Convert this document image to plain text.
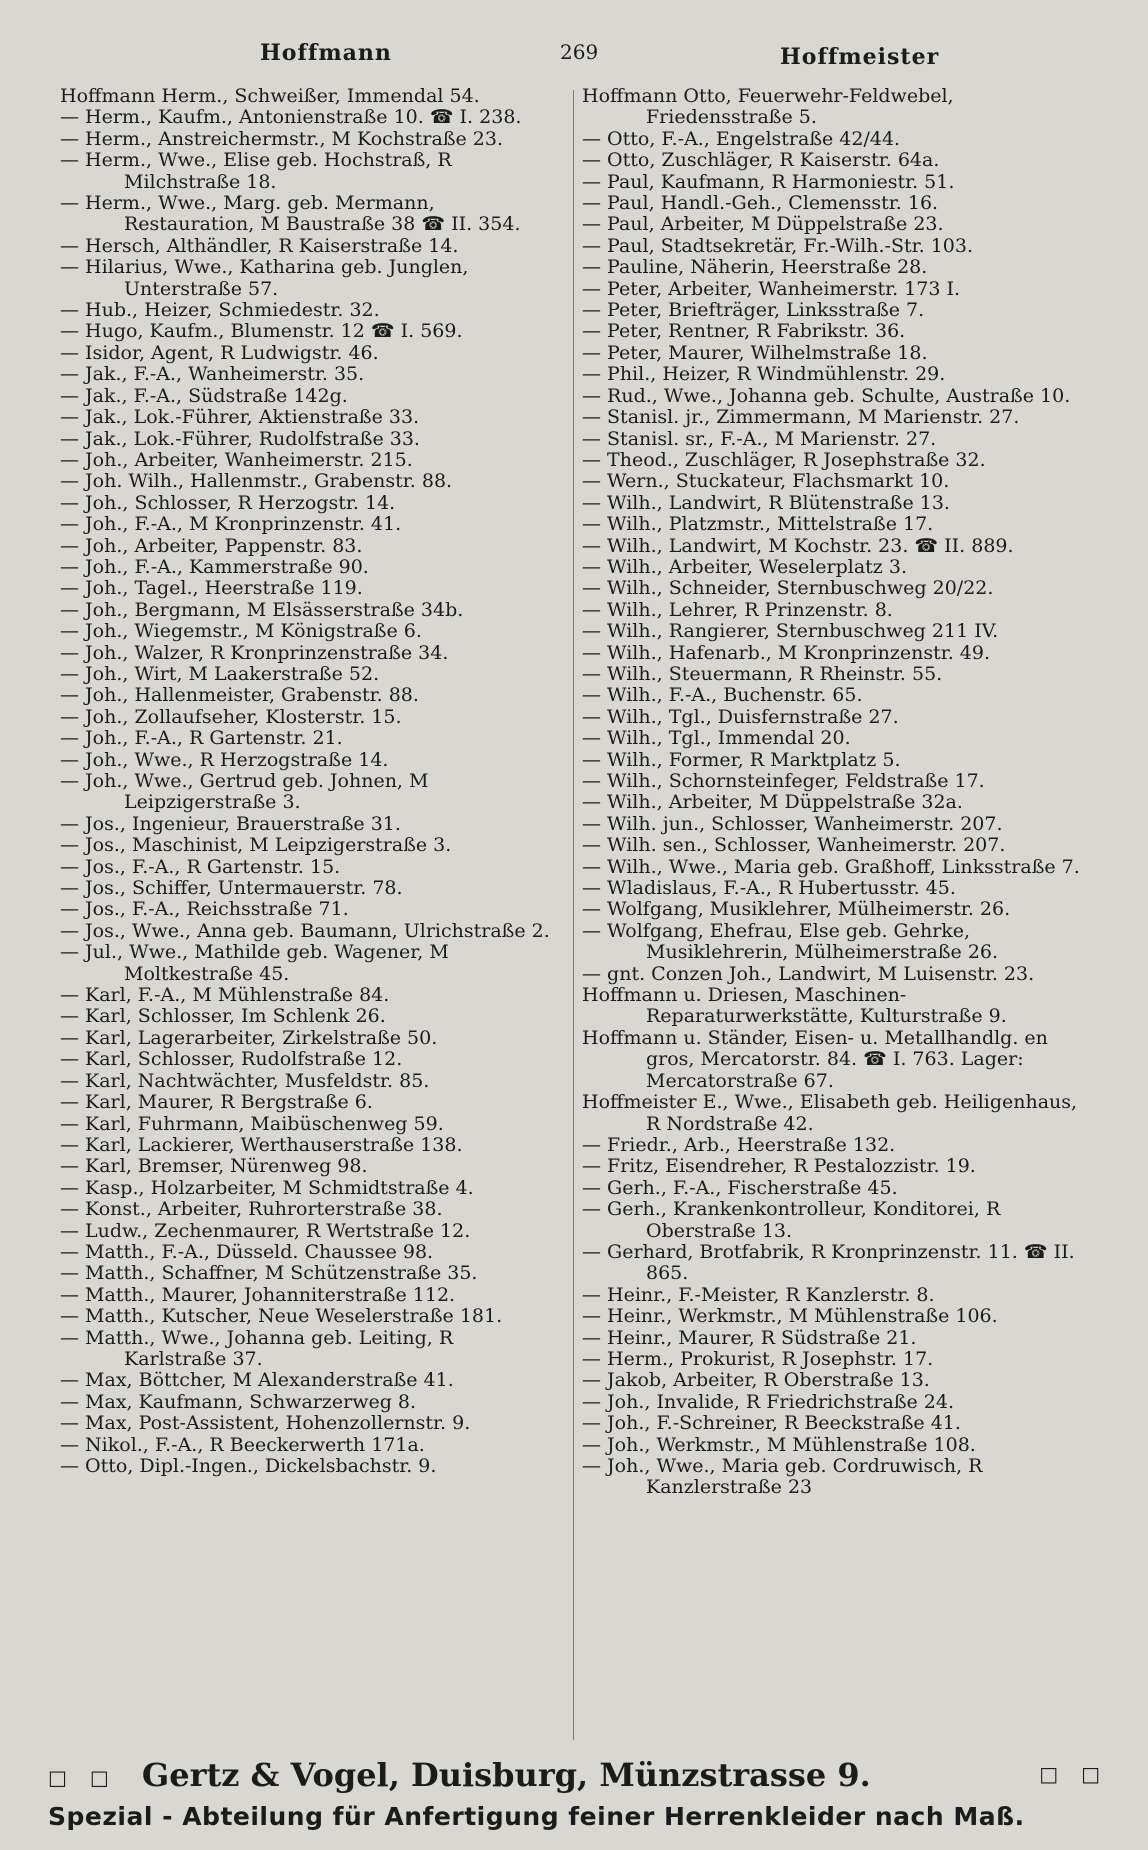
Hoffmann	269	Hoffmeister

Hoffmann Herm., Schweißer, Immendal 54.

— Herm., Kaufm., Antonienstraße 10. ☎ I. 238.

— Herm., Anstreichermstr., M Kochstraße 23.

— Herm., Wwe., Elise geb. Hochstraß, R Milchstraße 18.

— Herm., Wwe., Marg. geb. Mermann, Restauration, M Baustraße 38 ☎ II. 354.

— Hersch, Althändler, R Kaiserstraße 14.

— Hilarius, Wwe., Katharina geb. Junglen, Unterstraße 57.

— Hub., Heizer, Schmiedestr. 32.

— Hugo, Kaufm., Blumenstr. 12 ☎ I. 569.

— Isidor, Agent, R Ludwigstr. 46.

— Jak., F.-A., Wanheimerstr. 35.

— Jak., F.-A., Südstraße 142g.

— Jak., Lok.-Führer, Aktienstraße 33.

— Jak., Lok.-Führer, Rudolfstraße 33.

— Joh., Arbeiter, Wanheimerstr. 215.

— Joh. Wilh., Hallenmstr., Grabenstr. 88.

— Joh., Schlosser, R Herzogstr. 14.

— Joh., F.-A., M Kronprinzenstr. 41.

— Joh., Arbeiter, Pappenstr. 83.

— Joh., F.-A., Kammerstraße 90.

— Joh., Tagel., Heerstraße 119.

— Joh., Bergmann, M Elsässerstraße 34b.

— Joh., Wiegemstr., M Königstraße 6.

— Joh., Walzer, R Kronprinzenstraße 34.

— Joh., Wirt, M Laakerstraße 52.

— Joh., Hallenmeister, Grabenstr. 88.

— Joh., Zollaufseher, Klosterstr. 15.

— Joh., F.-A., R Gartenstr. 21.

— Joh., Wwe., R Herzogstraße 14.

— Joh., Wwe., Gertrud geb. Johnen, M Leipzigerstraße 3.

— Jos., Ingenieur, Brauerstraße 31.

— Jos., Maschinist, M Leipzigerstraße 3.

— Jos., F.-A., R Gartenstr. 15.

— Jos., Schiffer, Untermauerstr. 78.

— Jos., F.-A., Reichsstraße 71.

— Jos., Wwe., Anna geb. Baumann, Ulrichstraße 2.

— Jul., Wwe., Mathilde geb. Wagener, M Moltkestraße 45.

— Karl, F.-A., M Mühlenstraße 84.

— Karl, Schlosser, Im Schlenk 26.

— Karl, Lagerarbeiter, Zirkelstraße 50.

— Karl, Schlosser, Rudolfstraße 12.

— Karl, Nachtwächter, Musfeldstr. 85.

— Karl, Maurer, R Bergstraße 6.

— Karl, Fuhrmann, Maibüschenweg 59.

— Karl, Lackierer, Werthauserstraße 138.

— Karl, Bremser, Nürenweg 98.

— Kasp., Holzarbeiter, M Schmidtstraße 4.

— Konst., Arbeiter, Ruhrorterstraße 38.

— Ludw., Zechenmaurer, R Wertstraße 12.

— Matth., F.-A., Düsseld. Chaussee 98.

— Matth., Schaffner, M Schützenstraße 35.

— Matth., Maurer, Johanniterstraße 112.

— Matth., Kutscher, Neue Weselerstraße 181.

— Matth., Wwe., Johanna geb. Leiting, R Karlstraße 37.

— Max, Böttcher, M Alexanderstraße 41.

— Max, Kaufmann, Schwarzerweg 8.

— Max, Post-Assistent, Hohenzollernstr. 9.

— Nikol., F.-A., R Beeckerwerth 171a.

— Otto, Dipl.-Ingen., Dickelsbachstr. 9.

Hoffmann Otto, Feuerwehr-Feldwebel, Friedensstraße 5.

— Otto, F.-A., Engelstraße 42/44.

— Otto, Zuschläger, R Kaiserstr. 64a.

— Paul, Kaufmann, R Harmoniestr. 51.

— Paul, Handl.-Geh., Clemensstr. 16.

— Paul, Arbeiter, M Düppelstraße 23.

— Paul, Stadtsekretär, Fr.-Wilh.-Str. 103.

— Pauline, Näherin, Heerstraße 28.

— Peter, Arbeiter, Wanheimerstr. 173 I.

— Peter, Briefträger, Linksstraße 7.

— Peter, Rentner, R Fabrikstr. 36.

— Peter, Maurer, Wilhelmstraße 18.

— Phil., Heizer, R Windmühlenstr. 29.

— Rud., Wwe., Johanna geb. Schulte, Austraße 10.

— Stanisl. jr., Zimmermann, M Marienstr. 27.

— Stanisl. sr., F.-A., M Marienstr. 27.

— Theod., Zuschläger, R Josephstraße 32.

— Wern., Stuckateur, Flachsmarkt 10.

— Wilh., Landwirt, R Blütenstraße 13.

— Wilh., Platzmstr., Mittelstraße 17.

— Wilh., Landwirt, M Kochstr. 23. ☎ II. 889.

— Wilh., Arbeiter, Weselerplatz 3.

— Wilh., Schneider, Sternbuschweg 20/22.

— Wilh., Lehrer, R Prinzenstr. 8.

— Wilh., Rangierer, Sternbuschweg 211 IV.

— Wilh., Hafenarb., M Kronprinzenstr. 49.

— Wilh., Steuermann, R Rheinstr. 55.

— Wilh., F.-A., Buchenstr. 65.

— Wilh., Tgl., Duisfernstraße 27.

— Wilh., Tgl., Immendal 20.

— Wilh., Former, R Marktplatz 5.

— Wilh., Schornsteinfeger, Feldstraße 17.

— Wilh., Arbeiter, M Düppelstraße 32a.

— Wilh. jun., Schlosser, Wanheimerstr. 207.

— Wilh. sen., Schlosser, Wanheimerstr. 207.

— Wilh., Wwe., Maria geb. Graßhoff, Linksstraße 7.

— Wladislaus, F.-A., R Hubertusstr. 45.

— Wolfgang, Musiklehrer, Mülheimerstr. 26.

— Wolfgang, Ehefrau, Else geb. Gehrke, Musiklehrerin, Mülheimerstraße 26.

— gnt. Conzen Joh., Landwirt, M Luisenstr. 23.

Hoffmann u. Driesen, Maschinen-Reparaturwerkstätte, Kulturstraße 9.

Hoffmann u. Ständer, Eisen- u. Metallhandlg. en gros, Mercatorstr. 84. ☎ I. 763. Lager: Mercatorstraße 67.

Hoffmeister E., Wwe., Elisabeth geb. Heiligenhaus, R Nordstraße 42.

— Friedr., Arb., Heerstraße 132.

— Fritz, Eisendreher, R Pestalozzistr. 19.

— Gerh., F.-A., Fischerstraße 45.

— Gerh., Krankenkontrolleur, Konditorei, R Oberstraße 13.

— Gerhard, Brotfabrik, R Kronprinzenstr. 11. ☎ II. 865.

— Heinr., F.-Meister, R Kanzlerstr. 8.

— Heinr., Werkmstr., M Mühlenstraße 106.

— Heinr., Maurer, R Südstraße 21.

— Herm., Prokurist, R Josephstr. 17.

— Jakob, Arbeiter, R Oberstraße 13.

— Joh., Invalide, R Friedrichstraße 24.

— Joh., F.-Schreiner, R Beeckstraße 41.

— Joh., Werkmstr., M Mühlenstraße 108.

— Joh., Wwe., Maria geb. Cordruwisch, R Kanzlerstraße 23

□ □ Gertz & Vogel, Duisburg, Münzstrasse 9.	□ □
Spezial - Abteilung für Anfertigung feiner Herrenkleider nach Maß.
